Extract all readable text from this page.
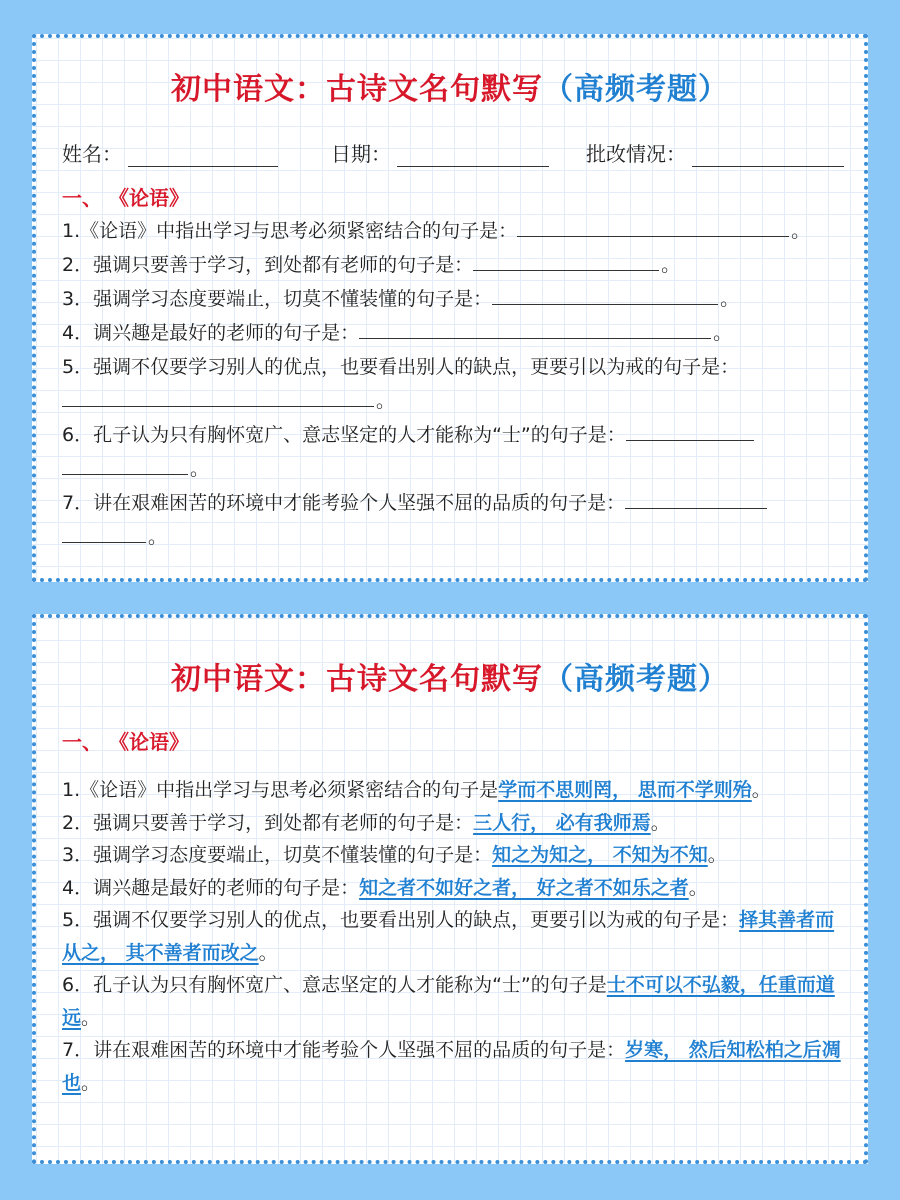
初中语文：古诗文名句默写（高频考题）
姓名：	日期：	批改情况：
一、 《论语》
1.《论语》中指出学习与思考必须紧密结合的句子是：	。
2．强调只要善于学习，到处都有老师的句子是：	。
3．强调学习态度要端止，切莫不懂装懂的句子是：	。
4．调兴趣是最好的老师的句子是：	。
5．强调不仅要学习别人的优点，也要看出别人的缺点，更要引以为戒的句子是：
。
6．孔子认为只有胸怀宽广、意志坚定的人才能称为“士”的句子是：
。
7．讲在艰难困苦的环境中才能考验个人坚强不屈的品质的句子是：
。
初中语文：古诗文名句默写（高频考题）
一、 《论语》
1.《论语》中指出学习与思考必须紧密结合的句子是学而不思则罔， 思而不学则殆。
2．强调只要善于学习，到处都有老师的句子是：三人行， 必有我师焉。
3．强调学习态度要端止，切莫不懂装懂的句子是：知之为知之， 不知为不知。
4．调兴趣是最好的老师的句子是：知之者不如好之者， 好之者不如乐之者。
5．强调不仅要学习别人的优点，也要看出别人的缺点，更要引以为戒的句子是：择其善者而从之， 其不善者而改之。
6．孔子认为只有胸怀宽广、意志坚定的人才能称为“士”的句子是士不可以不弘毅，任重而道远。
7．讲在艰难困苦的环境中才能考验个人坚强不屈的品质的句子是：岁寒， 然后知松柏之后凋也。
